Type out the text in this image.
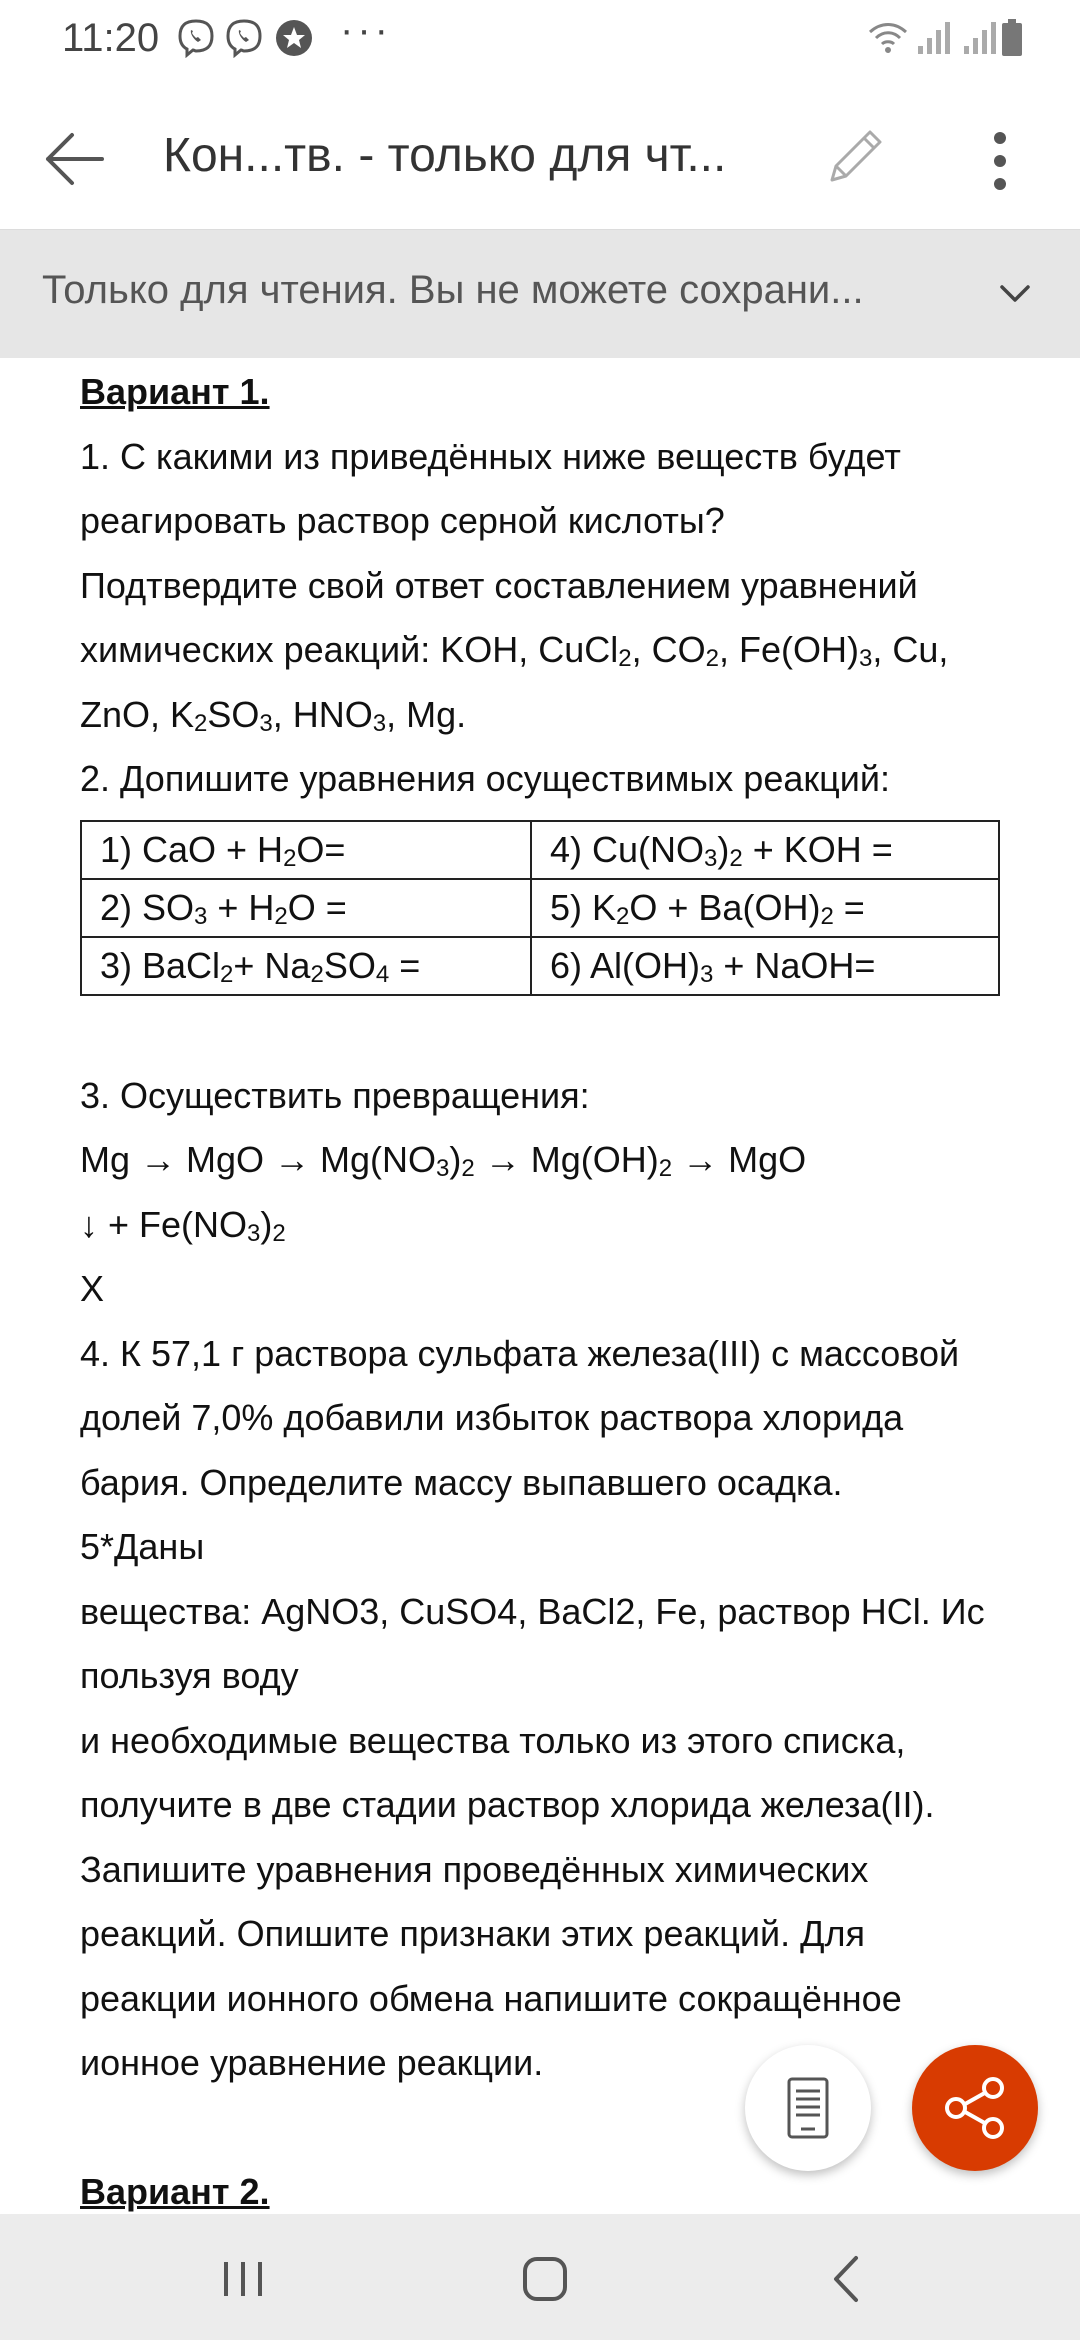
11:20	···
Кон...тв. - только для чт...
Только для чтения. Вы не можете сохрани...

Вариант 1.

1. С какими из приведённых ниже веществ будет

реагировать раствор серной кислоты?

Подтвердите свой ответ составлением уравнений

химических реакций: KOH, CuCl$_2$, $CO_2$, $Fe(OH)_3$, Cu,

ZnO, $K_2SO_3$, $HNO_3$, Mg.

2. Допишите уравнения осуществимых реакций:

1) CaO + $H_2O=$	4) $Cu(NO_3)_2$ + KOH =
2) $SO_3 + H_2O$ =	5) $K_2O + Ba(OH)_2$ =
3) BaCl$_2$+ $Na_2SO_4$ =	6) $Al(OH)_3$ + NaOH=

3. Осуществить превращения:

Mg → MgO → $Mg(NO_3)_2 \to Mg(OH)_2$ → MgO

↓ + $Fe(NO_3)_2$

X

4. К 57,1 г раствора сульфата железа(III) с массовой

долей 7,0% добавили избыток раствора хлорида

бария. Определите массу выпавшего осадка.

5*Даны

вещества: AgNO3, CuSO4, BaCl2, Fe, раствор HCl. Ис

пользуя воду

и необходимые вещества только из этого списка,

получите в две стадии раствор хлорида железа(II).

Запишите уравнения проведённых химических

реакций. Опишите признаки этих реакций. Для

реакции ионного обмена напишите сокращённое

ионное уравнение реакции.

Вариант 2.
